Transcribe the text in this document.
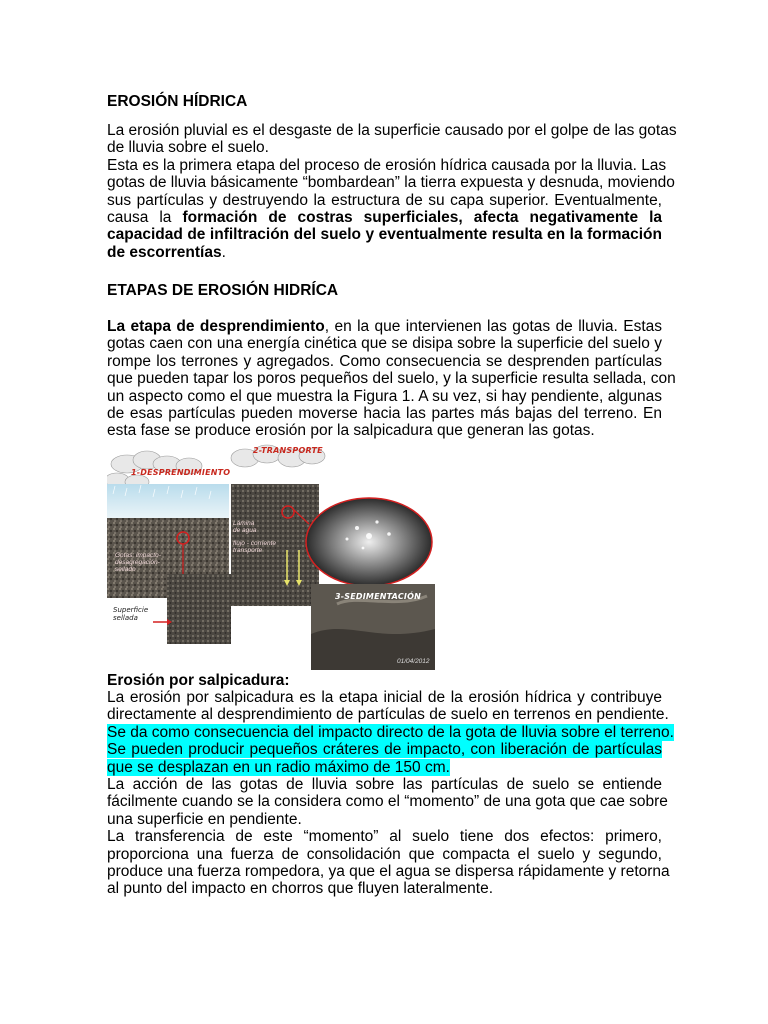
EROSIÓN HÍDRICA
La erosión pluvial es el desgaste de la superficie causado por el golpe de las gotas
de lluvia sobre el suelo.
Esta es la primera etapa del proceso de erosión hídrica causada por la lluvia. Las
gotas de lluvia básicamente “bombardean” la tierra expuesta y desnuda, moviendo
sus partículas y destruyendo la estructura de su capa superior. Eventualmente,
causa la formación de costras superficiales, afecta negativamente la
capacidad de infiltración del suelo y eventualmente resulta en la formación
de escorrentías.
ETAPAS DE EROSIÓN HIDRÍCA
La etapa de desprendimiento, en la que intervienen las gotas de lluvia. Estas
gotas caen con una energía cinética que se disipa sobre la superficie del suelo y
rompe los terrones y agregados. Como consecuencia se desprenden partículas
que pueden tapar los poros pequeños del suelo, y la superficie resulta sellada, con
un aspecto como el que muestra la Figura 1. A su vez, si hay pendiente, algunas
de esas partículas pueden moverse hacia las partes más bajas del terreno. En
esta fase se produce erosión por la salpicadura que generan las gotas.
1-DESPRENDIMIENTO
2-TRANSPORTE
3-SEDIMENTACIÓN
Gotas: impacto-desagregación-sellado
Lámina de agua
flujo - corriente transporte
01/04/2012
Superficie sellada
Erosión por salpicadura:
La erosión por salpicadura es la etapa inicial de la erosión hídrica y contribuye
directamente al desprendimiento de partículas de suelo en terrenos en pendiente.
Se da como consecuencia del impacto directo de la gota de lluvia sobre el terreno.
Se pueden producir pequeños cráteres de impacto, con liberación de partículas
que se desplazan en un radio máximo de 150 cm.
La acción de las gotas de lluvia sobre las partículas de suelo se entiende
fácilmente cuando se la considera como el “momento” de una gota que cae sobre
una superficie en pendiente.
La transferencia de este “momento” al suelo tiene dos efectos: primero,
proporciona una fuerza de consolidación que compacta el suelo y segundo,
produce una fuerza rompedora, ya que el agua se dispersa rápidamente y retorna
al punto del impacto en chorros que fluyen lateralmente.
